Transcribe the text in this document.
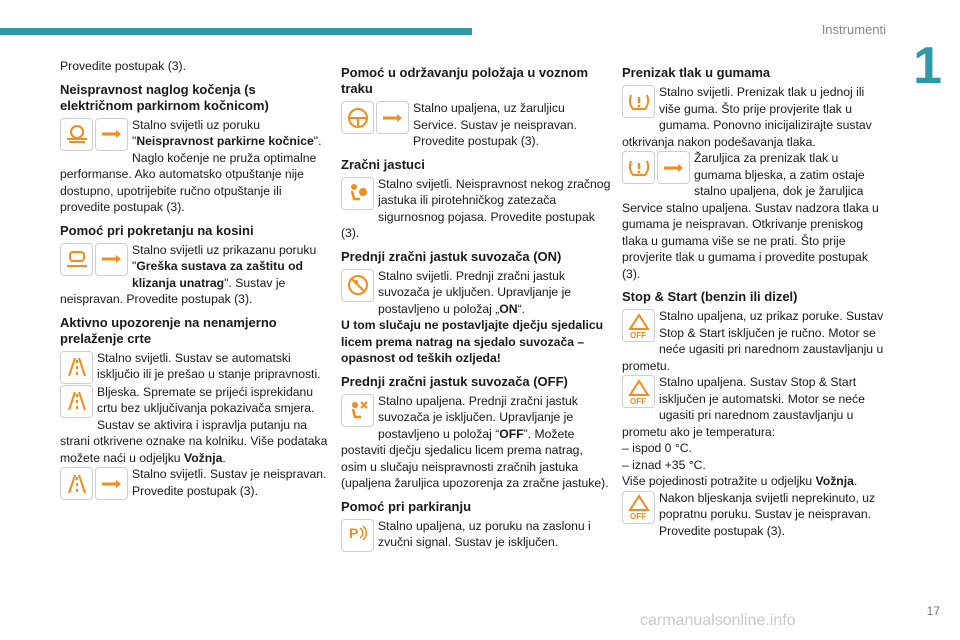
Instrumenti
1

Provedite postupak (3).

Neispravnost naglog kočenja (s električnom parkirnom kočnicom)
Stalno svijetli uz poruku "Neispravnost parkirne kočnice". Naglo kočenje ne pruža optimalne performanse. Ako automatsko otpuštanje nije dostupno, upotrijebite ručno otpuštanje ili provedite postupak (3).
Pomoć pri pokretanju na kosini
Stalno svijetli uz prikazanu poruku "Greška sustava za zaštitu od klizanja unatrag". Sustav je neispravan. Provedite postupak (3).
Aktivno upozorenje na nenamjerno prelaženje crte
Stalno svijetli. Sustav se automatski isključio ili je prešao u stanje pripravnosti.
Bljeska. Spremate se prijeći isprekidanu crtu bez uključivanja pokazivača smjera. Sustav se aktivira i ispravlja putanju na strani otkrivene oznake na kolniku. Više podataka možete naći u odjeljku Vožnja.
Stalno svijetli. Sustav je neispravan. Provedite postupak (3).
Pomoć u održavanju položaja u voznom traku
Stalno upaljena, uz žaruljicu Service. Sustav je neispravan. Provedite postupak (3).
Zračni jastuci
Stalno svijetli. Neispravnost nekog zračnog jastuka ili pirotehničkog zatezača sigurnosnog pojasa. Provedite postupak (3).
Prednji zračni jastuk suvozača (ON)
Stalno svijetli. Prednji zračni jastuk suvozača je uključen. Upravljanje je postavljeno u položaj „ON“.

U tom slučaju ne postavljajte dječju sjedalicu licem prema natrag na sjedalo suvozača – opasnost od teških ozljeda!

Prednji zračni jastuk suvozača (OFF)
Stalno upaljena. Prednji zračni jastuk suvozača je isključen. Upravljanje je postavljeno u položaj “OFF”. Možete postaviti dječju sjedalicu licem prema natrag, osim u slučaju neispravnosti zračnih jastuka (upaljena žaruljica upozorenja za zračne jastuke).
Pomoć pri parkiranju
P Stalno upaljena, uz poruku na zaslonu i zvučni signal. Sustav je isključen.
Prenizak tlak u gumama
Stalno svijetli. Prenizak tlak u jednoj ili više guma. Što prije provjerite tlak u gumama. Ponovno inicijalizirajte sustav otkrivanja nakon podešavanja tlaka.
Žaruljica za prenizak tlak u gumama bljeska, a zatim ostaje stalno upaljena, dok je žaruljica Service stalno upaljena. Sustav nadzora tlaka u gumama je neispravan. Otkrivanje preniskog tlaka u gumama više se ne prati. Što prije provjerite tlak u gumama i provedite postupak (3).
Stop & Start (benzin ili dizel)
OFF
Stalno upaljena, uz prikaz poruke. Sustav Stop & Start isključen je ručno. Motor se neće ugasiti pri narednom zaustavljanju u prometu.
OFF
Stalno upaljena. Sustav Stop & Start isključen je automatski. Motor se neće ugasiti pri narednom zaustavljanju u prometu ako je temperatura:

– ispod 0 °C.

– iznad +35 °C.

Više pojedinosti potražite u odjeljku Vožnja.

OFF
Nakon bljeskanja svijetli neprekinuto, uz popratnu poruku. Sustav je neispravan. Provedite postupak (3).
17
carmanualsonline.info
